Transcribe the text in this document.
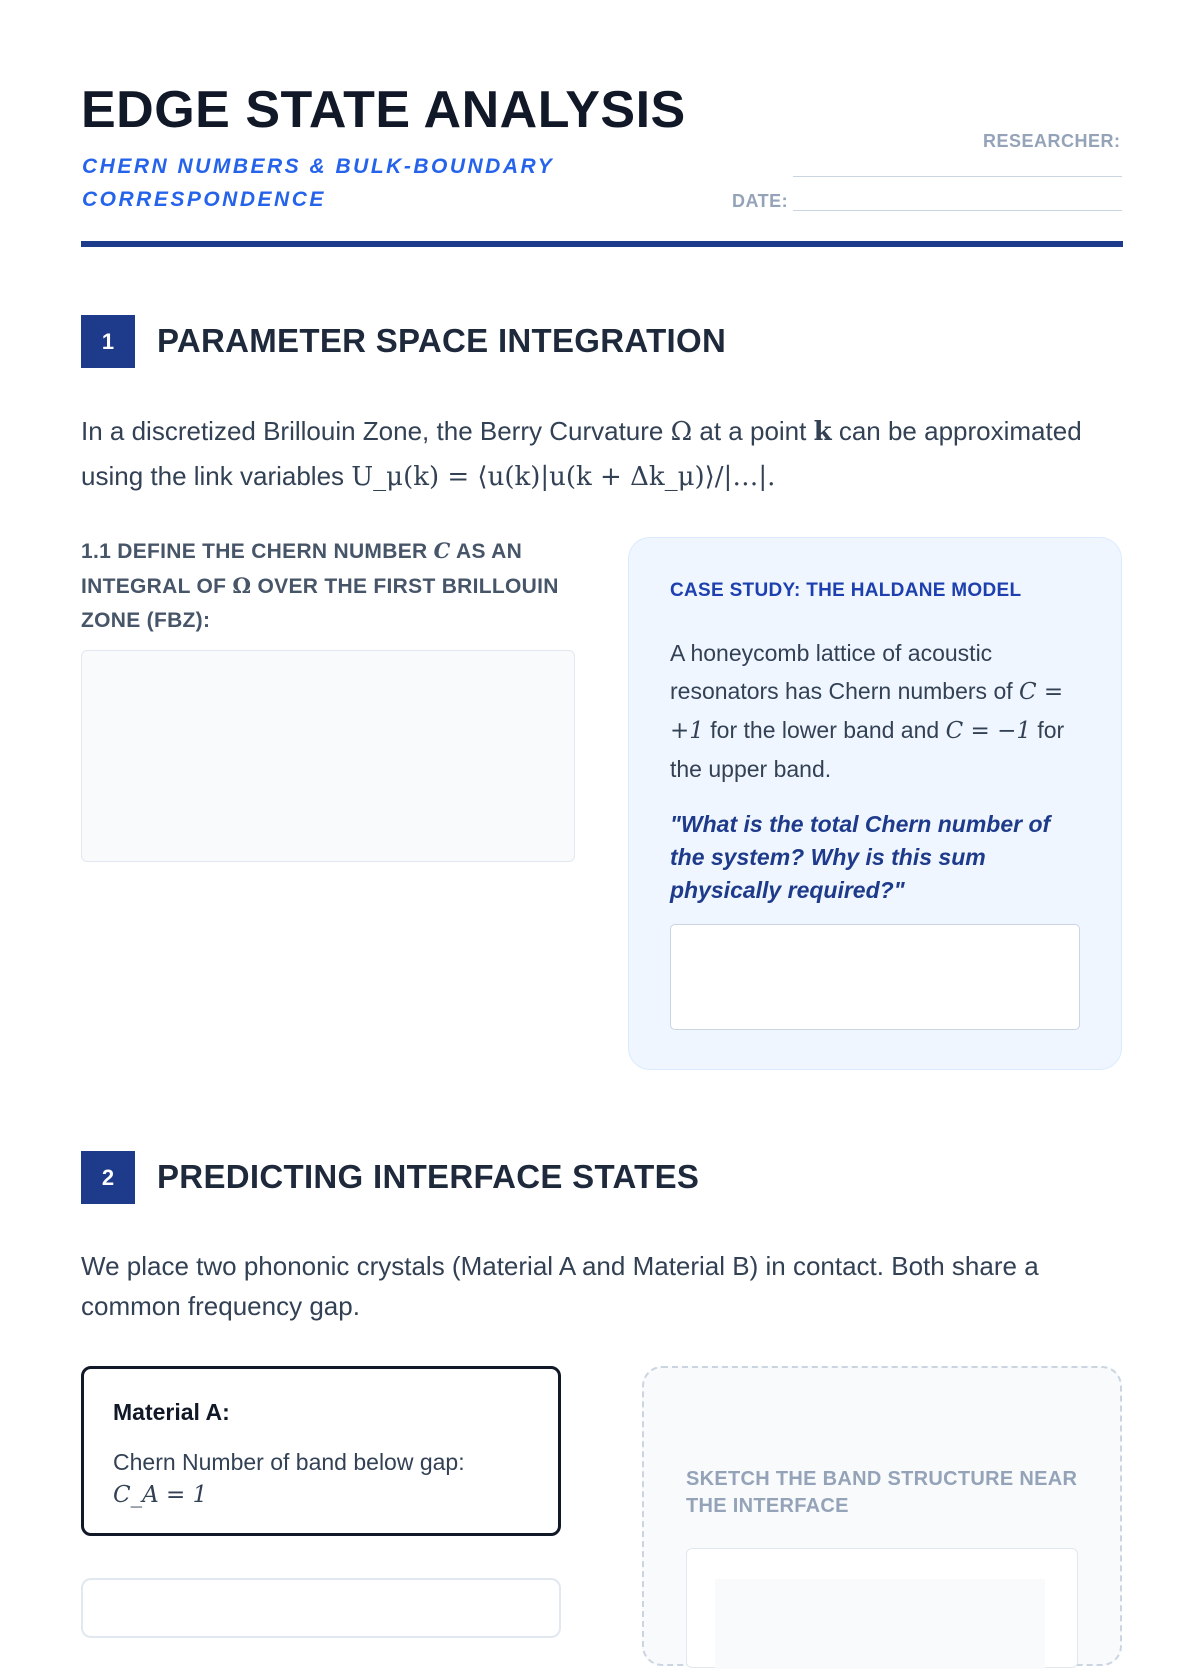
EDGE STATE ANALYSIS
CHERN NUMBERS & BULK-BOUNDARY CORRESPONDENCE
RESEARCHER:
DATE:
1	PARAMETER SPACE INTEGRATION
In a discretized Brillouin Zone, the Berry Curvature Ω at a point k can be approximated using the link variables U_μ(k) = ⟨u(k)|u(k + Δk_μ)⟩/|…|.
1.1 DEFINE THE CHERN NUMBER C AS AN INTEGRAL OF Ω OVER THE FIRST BRILLOUIN ZONE (FBZ):
CASE STUDY: THE HALDANE MODEL
A honeycomb lattice of acoustic resonators has Chern numbers of C = +1 for the lower band and C = −1 for the upper band.
"What is the total Chern number of the system? Why is this sum physically required?"
2	PREDICTING INTERFACE STATES
We place two phononic crystals (Material A and Material B) in contact. Both share a common frequency gap.
Material A:
Chern Number of band below gap:
C_A = 1
SKETCH THE BAND STRUCTURE NEAR THE INTERFACE
